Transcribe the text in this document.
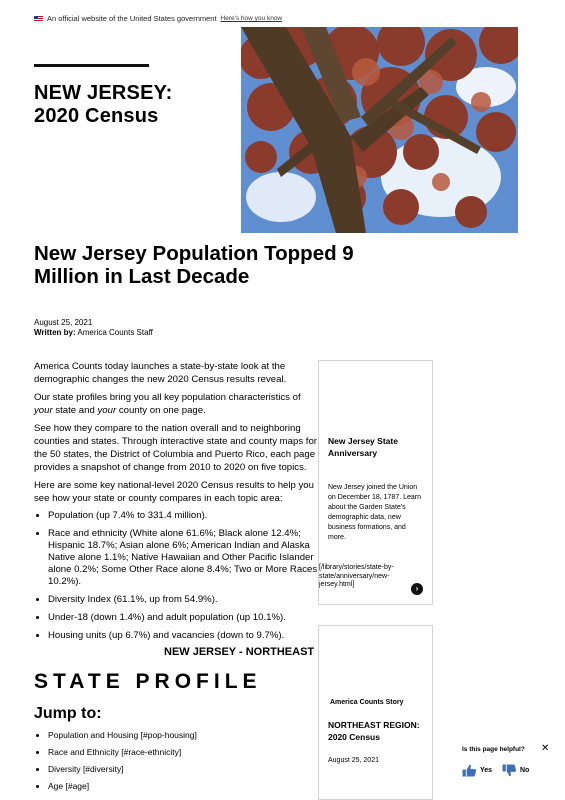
An official website of the United States government Here's how you know
NEW JERSEY:
2020 Census
New Jersey Population Topped 9 Million in Last Decade
August 25, 2021
Written by: America Counts Staff

America Counts today launches a state-by-state look at the demographic changes the new 2020 Census results reveal.

Our state profiles bring you all key population characteristics of your state and your county on one page.

See how they compare to the nation overall and to neighboring counties and states. Through interactive state and county maps for the 50 states, the District of Columbia and Puerto Rico, each page provides a snapshot of change from 2010 to 2020 on five topics.

Here are some key national-level 2020 Census results to help you see how your state or county compares in each topic area:

• Population (up 7.4% to 331.4 million).
• Race and ethnicity (White alone 61.6%; Black alone 12.4%; Hispanic 18.7%; Asian alone 6%; American Indian and Alaska Native alone 1.1%; Native Hawaiian and Other Pacific Islander alone 0.2%; Some Other Race alone 8.4%; Two or More Races 10.2%).
• Diversity Index (61.1%, up from 54.9%).
• Under-18 (down 1.4%) and adult population (up 10.1%).
• Housing units (up 6.7%) and vacancies (down to 9.7%).
New Jersey State Anniversary
New Jersey joined the Union on December 18, 1787. Learn about the Garden State's demographic data, new business formations, and more.
[/library/stories/state-by-state/anniversary/new-jersey.html]	›
America Counts Story
NORTHEAST REGION: 2020 Census
August 25, 2021
NEW JERSEY - NORTHEAST
STATE PROFILE
Jump to:
• Population and Housing [#pop-housing]
• Race and Ethnicity [#race-ethnicity]
• Diversity [#diversity]
• Age [#age]
Is this page helpful? ✕
Yes	No
